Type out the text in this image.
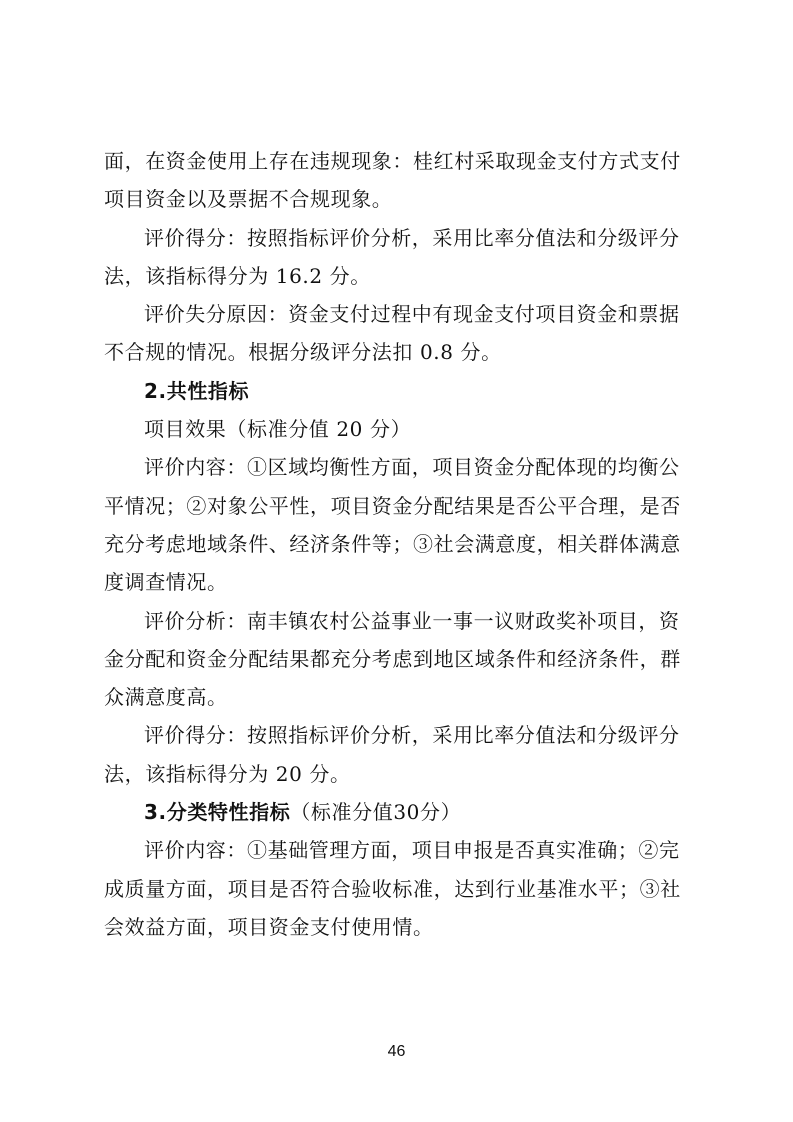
面，在资金使用上存在违规现象：桂红村采取现金支付方式支付
项目资金以及票据不合规现象。
评价得分：按照指标评价分析，采用比率分值法和分级评分
法，该指标得分为 16.2 分。
评价失分原因：资金支付过程中有现金支付项目资金和票据
不合规的情况。根据分级评分法扣 0.8 分。
2.共性指标
项目效果（标准分值 20 分）
评价内容：①区域均衡性方面，项目资金分配体现的均衡公
平情况；②对象公平性，项目资金分配结果是否公平合理，是否
充分考虑地域条件、经济条件等；③社会满意度，相关群体满意
度调查情况。
评价分析：南丰镇农村公益事业一事一议财政奖补项目，资
金分配和资金分配结果都充分考虑到地区域条件和经济条件，群
众满意度高。
评价得分：按照指标评价分析，采用比率分值法和分级评分
法，该指标得分为 20 分。
3.分类特性指标（标准分值30分）
评价内容：①基础管理方面，项目申报是否真实准确；②完
成质量方面，项目是否符合验收标准，达到行业基准水平；③社
会效益方面，项目资金支付使用情。
46
